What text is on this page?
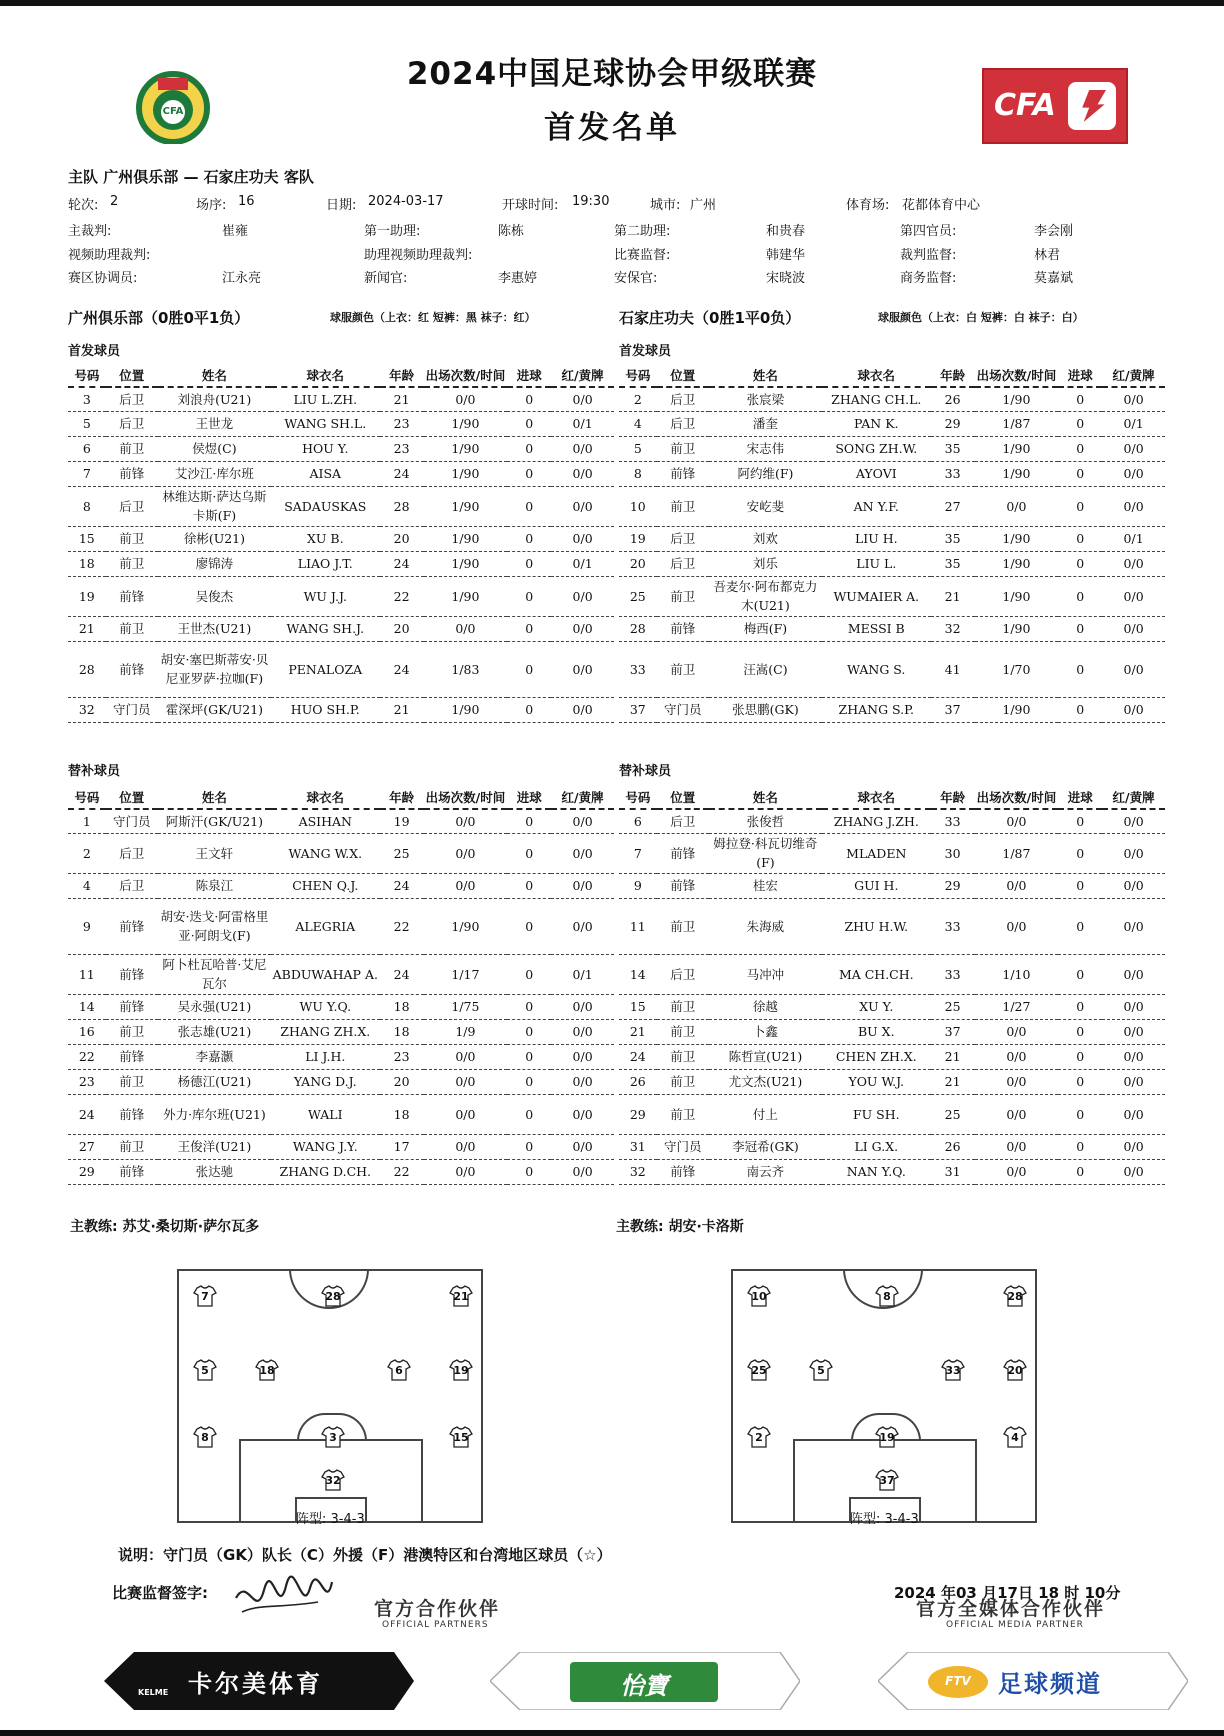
CFA
2024中国足球协会甲级联赛
首发名单
CFA
主队 广州俱乐部 — 石家庄功夫 客队
轮次: 2	场序: 16	日期: 2024-03-17	开球时间: 19:30	城市: 广州	体育场: 花都体育中心
主裁判:	崔雍	第一助理:	陈栋	第二助理:	和贵春	第四官员:	李会刚
视频助理裁判:	助理视频助理裁判:	比赛监督:	韩建华	裁判监督:	林君
赛区协调员:	江永亮	新闻官:	李惠婷	安保官:	宋晓波	商务监督:	莫嘉斌
广州俱乐部（0胜0平1负）	球服颜色（上衣：红 短裤：黑 袜子：红）	石家庄功夫（0胜1平0负）	球服颜色（上衣：白 短裤：白 袜子：白）
首发球员	首发球员
号码	位置	姓名	球衣名	年龄	出场次数/时间	进球	红/黄牌
3	后卫	刘浪舟(U21)	LIU L.ZH.	21	0/0	0	0/0
5	后卫	王世龙	WANG SH.L.	23	1/90	0	0/1
6	前卫	侯煜(C)	HOU Y.	23	1/90	0	0/0
7	前锋	艾沙江·库尔班	AISA	24	1/90	0	0/0
8	后卫	林维达斯·萨达乌斯卡斯(F)	SADAUSKAS	28	1/90	0	0/0
15	前卫	徐彬(U21)	XU B.	20	1/90	0	0/0
18	前卫	廖锦涛	LIAO J.T.	24	1/90	0	0/1
19	前锋	吴俊杰	WU J.J.	22	1/90	0	0/0
21	前卫	王世杰(U21)	WANG SH.J.	20	0/0	0	0/0
28	前锋	胡安·塞巴斯蒂安·贝尼亚罗萨·拉咖(F)	PENALOZA	24	1/83	0	0/0
32	守门员	霍深坪(GK/U21)	HUO SH.P.	21	1/90	0	0/0
号码	位置	姓名	球衣名	年龄	出场次数/时间	进球	红/黄牌
2	后卫	张宸梁	ZHANG CH.L.	26	1/90	0	0/0
4	后卫	潘奎	PAN K.	29	1/87	0	0/1
5	前卫	宋志伟	SONG ZH.W.	35	1/90	0	0/0
8	前锋	阿约维(F)	AYOVI	33	1/90	0	0/0
10	前卫	安屹斐	AN Y.F.	27	0/0	0	0/0
19	后卫	刘欢	LIU H.	35	1/90	0	0/1
20	后卫	刘乐	LIU L.	35	1/90	0	0/0
25	前卫	吾麦尔·阿布都克力木(U21)	WUMAIER A.	21	1/90	0	0/0
28	前锋	梅西(F)	MESSI B	32	1/90	0	0/0
33	前卫	汪嵩(C)	WANG S.	41	1/70	0	0/0
37	守门员	张思鹏(GK)	ZHANG S.P.	37	1/90	0	0/0
替补球员	替补球员
号码	位置	姓名	球衣名	年龄	出场次数/时间	进球	红/黄牌
1	守门员	阿斯汗(GK/U21)	ASIHAN	19	0/0	0	0/0
2	后卫	王文轩	WANG W.X.	25	0/0	0	0/0
4	后卫	陈泉江	CHEN Q.J.	24	0/0	0	0/0
9	前锋	胡安·迭戈·阿雷格里亚·阿朗戈(F)	ALEGRIA	22	1/90	0	0/0
11	前锋	阿卜杜瓦哈普·艾尼瓦尔	ABDUWAHAP A.	24	1/17	0	0/1
14	前锋	吴永强(U21)	WU Y.Q.	18	1/75	0	0/0
16	前卫	张志雄(U21)	ZHANG ZH.X.	18	1/9	0	0/0
22	前锋	李嘉灏	LI J.H.	23	0/0	0	0/0
23	前卫	杨德江(U21)	YANG D.J.	20	0/0	0	0/0
24	前锋	外力·库尔班(U21)	WALI	18	0/0	0	0/0
27	前卫	王俊洋(U21)	WANG J.Y.	17	0/0	0	0/0
29	前锋	张达驰	ZHANG D.CH.	22	0/0	0	0/0
号码	位置	姓名	球衣名	年龄	出场次数/时间	进球	红/黄牌
6	后卫	张俊哲	ZHANG J.ZH.	33	0/0	0	0/0
7	前锋	姆拉登·科瓦切维奇(F)	MLADEN	30	1/87	0	0/0
9	前锋	桂宏	GUI H.	29	0/0	0	0/0
11	前卫	朱海威	ZHU H.W.	33	0/0	0	0/0
14	后卫	马冲冲	MA CH.CH.	33	1/10	0	0/0
15	前卫	徐越	XU Y.	25	1/27	0	0/0
21	前卫	卜鑫	BU X.	37	0/0	0	0/0
24	前卫	陈哲宣(U21)	CHEN ZH.X.	21	0/0	0	0/0
26	前卫	尤文杰(U21)	YOU W.J.	21	0/0	0	0/0
29	前卫	付上	FU SH.	25	0/0	0	0/0
31	守门员	李冠希(GK)	LI G.X.	26	0/0	0	0/0
32	前锋	南云齐	NAN Y.Q.	31	0/0	0	0/0
主教练: 苏艾·桑切斯·萨尔瓦多	主教练: 胡安·卡洛斯
7	28	21
5	18	6	19
8	3	15
32
10	8	28
25	5	33	20
2	19	4
37
阵型: 3-4-3	阵型: 3-4-3
说明：守门员（GK）队长（C）外援（F）港澳特区和台湾地区球员（☆）
比赛监督签字:	2024 年03 月17日 18 时 10分
官方合作伙伴
OFFICIAL PARTNERS
官方全媒体合作伙伴
OFFICIAL MEDIA PARTNER
KELME 卡尔美体育	怡寶	FTV	足球频道
